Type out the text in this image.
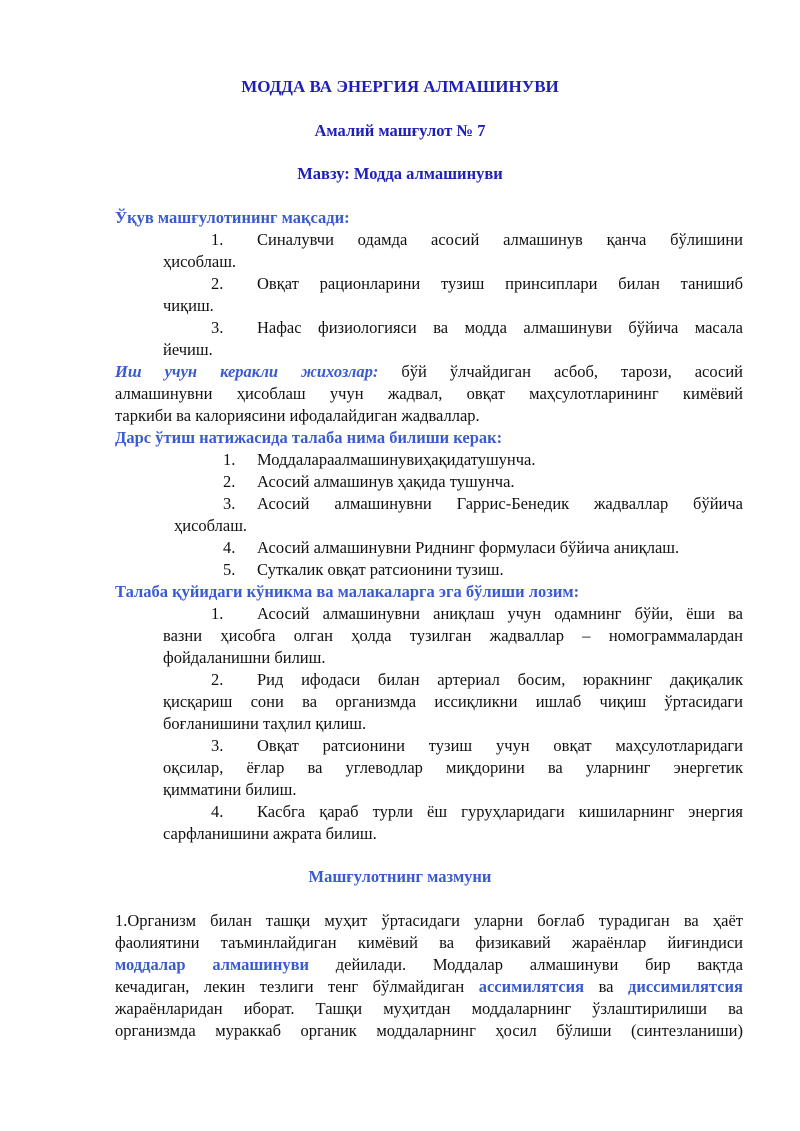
МОДДА ВА ЭНЕРГИЯ АЛМАШИНУВИ
Амалий машғулот № 7
Мавзу: Модда алмашинуви
Ўқув машғулотининг мақсади:
1. Синалувчи одамда асосий алмашинув қанча бўлишини
ҳисоблаш.
2. Овқат рационларини тузиш принсиплари билан танишиб
чиқиш.
3. Нафас физиологияси ва модда алмашинуви бўйича масала
йечиш.
Иш учун керакли жихозлар: бўй ўлчайдиган асбоб, тарози, асосий
алмашинувни ҳисоблаш учун жадвал, овқат маҳсулотларининг кимёвий
таркиби ва калориясини ифодалайдиган жадваллар.
Дарс ўтиш натижасида талаба нима билиши керак:
1. Моддалараалмашинувиҳақидатушунча.
2. Асосий алмашинув ҳақида тушунча.
3. Асосий алмашинувни Гаррис-Бенедик жадваллар бўйича
ҳисоблаш.
4. Асосий алмашинувни Риднинг формуласи бўйича аниқлаш.
5. Суткалик овқат ратсионини тузиш.
Талаба қуйидаги кўникма ва малакаларга эга бўлиши лозим:
1. Асосий алмашинувни аниқлаш учун одамнинг бўйи, ёши ва
вазни ҳисобга олган ҳолда тузилган жадваллар – номограммалардан
фойдаланишни билиш.
2. Рид ифодаси билан артериал босим, юракнинг дақиқалик
қисқариш сони ва организмда иссиқликни ишлаб чиқиш ўртасидаги
боғланишини таҳлил қилиш.
3. Овқат ратсионини тузиш учун овқат маҳсулотларидаги
оқсилар, ёғлар ва углеводлар миқдорини ва уларнинг энергетик
қимматини билиш.
4. Касбга қараб турли ёш гуруҳларидаги кишиларнинг энергия
сарфланишини ажрата билиш.
Машғулотнинг мазмуни
1.Организм билан ташқи муҳит ўртасидаги уларни боғлаб турадиган ва ҳаёт
фаолиятини таъминлайдиган кимёвий ва физикавий жараёнлар йиғиндиси
моддалар алмашинуви дейилади. Моддалар алмашинуви бир вақтда
кечадиган, лекин тезлиги тенг бўлмайдиган ассимилятсия ва диссимилятсия
жараёнларидан иборат. Ташқи муҳитдан моддаларнинг ўзлаштирилиши ва
организмда мураккаб органик моддаларнинг ҳосил бўлиши (синтезланиши)
